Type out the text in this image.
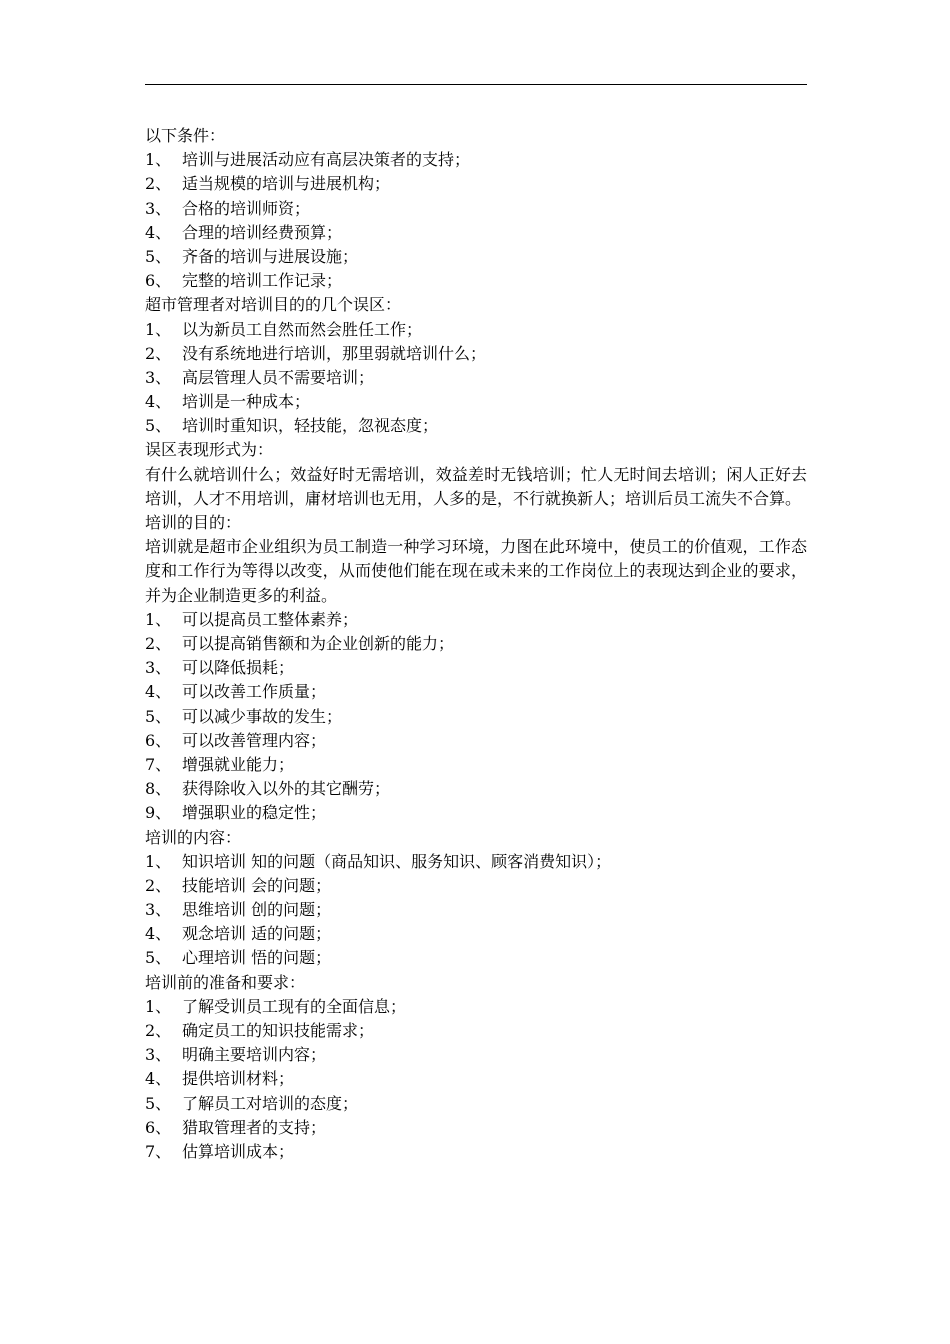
以下条件：
1、 培训与进展活动应有高层决策者的支持；
2、 适当规模的培训与进展机构；
3、 合格的培训师资；
4、 合理的培训经费预算；
5、 齐备的培训与进展设施；
6、 完整的培训工作记录；
超市管理者对培训目的的几个误区：
1、 以为新员工自然而然会胜任工作；
2、 没有系统地进行培训，那里弱就培训什么；
3、 高层管理人员不需要培训；
4、 培训是一种成本；
5、 培训时重知识，轻技能，忽视态度；
误区表现形式为：
有什么就培训什么；效益好时无需培训，效益差时无钱培训；忙人无时间去培训；闲人正好去培训，人才不用培训，庸材培训也无用，人多的是，不行就换新人；培训后员工流失不合算。
培训的目的：
培训就是超市企业组织为员工制造一种学习环境，力图在此环境中，使员工的价值观，工作态度和工作行为等得以改变，从而使他们能在现在或未来的工作岗位上的表现达到企业的要求，并为企业制造更多的利益。
1、 可以提高员工整体素养；
2、 可以提高销售额和为企业创新的能力；
3、 可以降低损耗；
4、 可以改善工作质量；
5、 可以减少事故的发生；
6、 可以改善管理内容；
7、 增强就业能力；
8、 获得除收入以外的其它酬劳；
9、 增强职业的稳定性；
培训的内容：
1、 知识培训 知的问题（商品知识、服务知识、顾客消费知识）；
2、 技能培训 会的问题；
3、 思维培训 创的问题；
4、 观念培训 适的问题；
5、 心理培训 悟的问题；
培训前的准备和要求：
1、 了解受训员工现有的全面信息；
2、 确定员工的知识技能需求；
3、 明确主要培训内容；
4、 提供培训材料；
5、 了解员工对培训的态度；
6、 猎取管理者的支持；
7、 估算培训成本；
